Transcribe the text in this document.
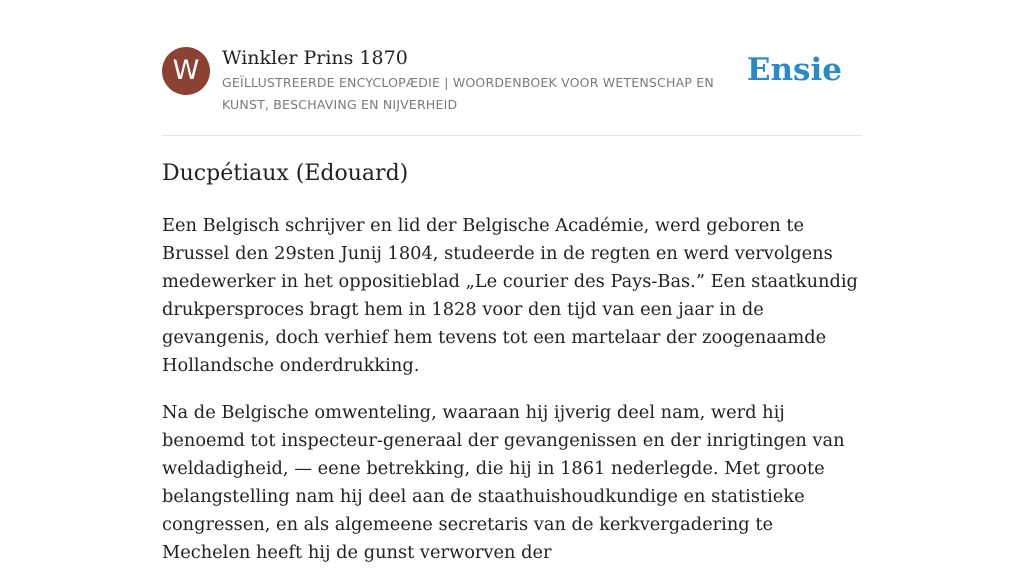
W	Winkler Prins 1870
GEÏLLUSTREERDE ENCYCLOPÆDIE | WOORDENBOEK VOOR WETENSCHAP EN KUNST, BESCHAVING EN NIJVERHEID
Ensie
Ducpétiaux (Edouard)

Een Belgisch schrijver en lid der Belgische Académie, werd geboren te Brussel den 29sten Junij 1804, studeerde in de regten en werd vervolgens medewerker in het oppositieblad „Le courier des Pays-Bas.” Een staatkundig drukpersproces bragt hem in 1828 voor den tijd van een jaar in de gevangenis, doch verhief hem tevens tot een martelaar der zoogenaamde Hollandsche onderdrukking.

Na de Belgische omwenteling, waaraan hij ijverig deel nam, werd hij benoemd tot inspecteur-generaal der gevangenissen en der inrigtingen van weldadigheid, — eene betrekking, die hij in 1861 nederlegde. Met groote belangstelling nam hij deel aan de staathuishoudkundige en statistieke congressen, en als algemeene secretaris van de kerkvergadering te Mechelen heeft hij de gunst verworven der
